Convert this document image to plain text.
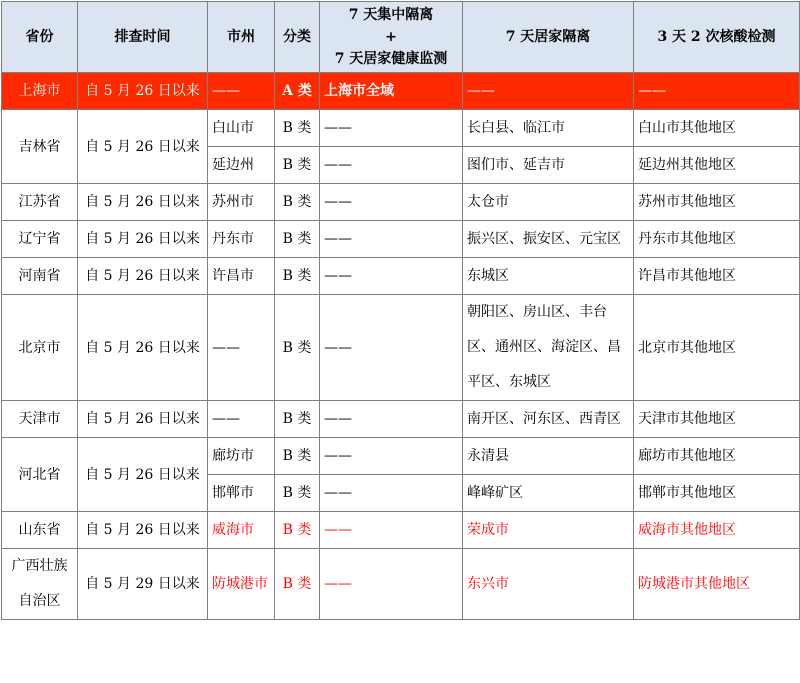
省份	排查时间	市州	分类	7 天集中隔离
+
7 天居家健康监测	7 天居家隔离	3 天 2 次核酸检测
上海市	自 5 月 26 日以来	——	A 类	上海市全域	——	——
吉林省	自 5 月 26 日以来	白山市	B 类	——	长白县、临江市	白山市其他地区
		延边州	B 类	——	图们市、延吉市	延边州其他地区
江苏省	自 5 月 26 日以来	苏州市	B 类	——	太仓市	苏州市其他地区
辽宁省	自 5 月 26 日以来	丹东市	B 类	——	振兴区、振安区、元宝区	丹东市其他地区
河南省	自 5 月 26 日以来	许昌市	B 类	——	东城区	许昌市其他地区
北京市	自 5 月 26 日以来	——	B 类	——	朝阳区、房山区、丰台区、通州区、海淀区、昌平区、东城区	北京市其他地区
天津市	自 5 月 26 日以来	——	B 类	——	南开区、河东区、西青区	天津市其他地区
河北省	自 5 月 26 日以来	廊坊市	B 类	——	永清县	廊坊市其他地区
		邯郸市	B 类	——	峰峰矿区	邯郸市其他地区
山东省	自 5 月 26 日以来	威海市	B 类	——	荣成市	威海市其他地区
广西壮族自治区	自 5 月 29 日以来	防城港市	B 类	——	东兴市	防城港市其他地区
